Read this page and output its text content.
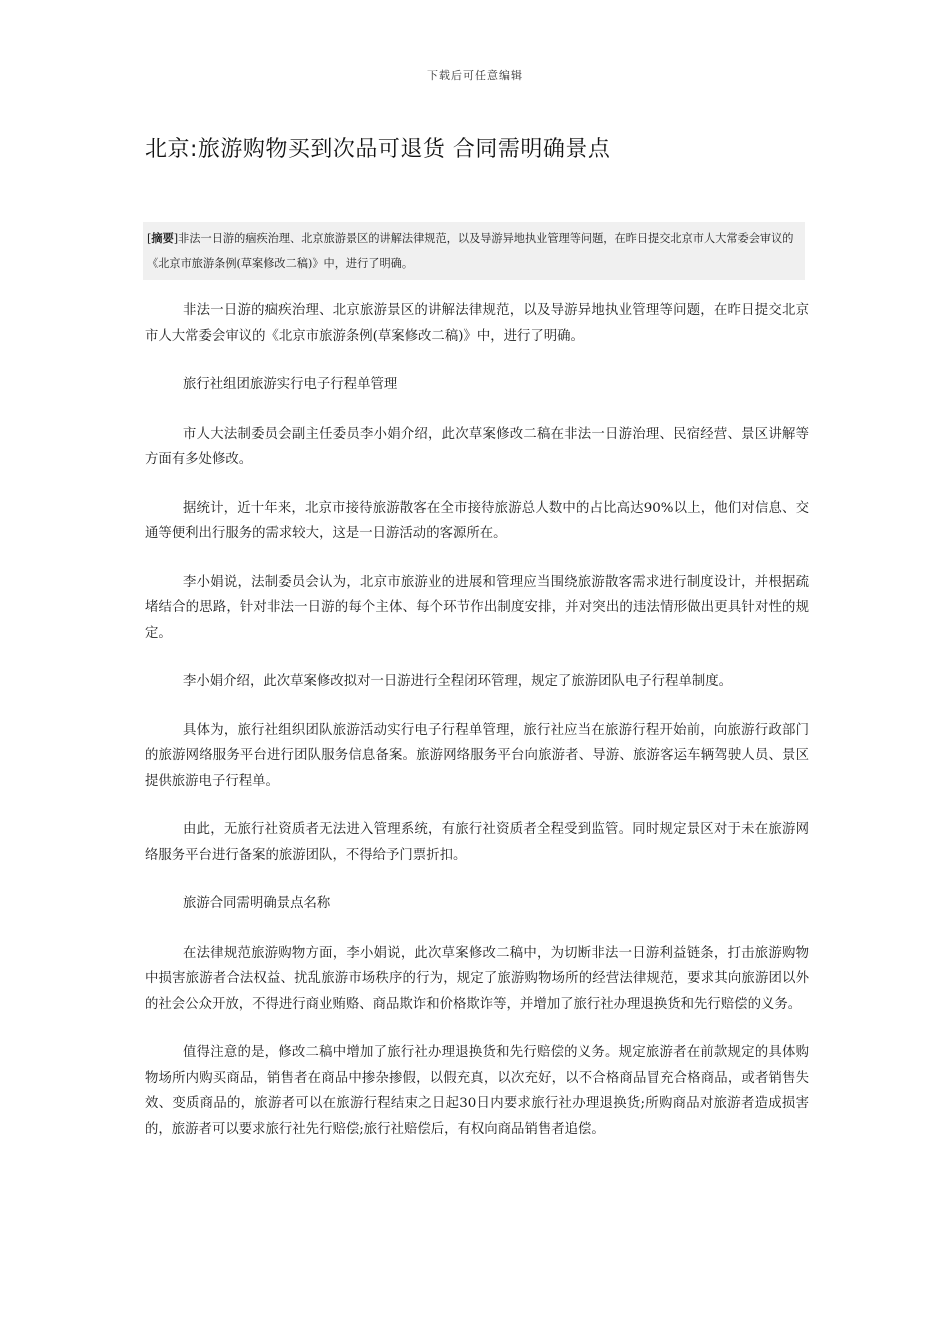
下载后可任意编辑
北京:旅游购物买到次品可退货 合同需明确景点
[摘要]非法一日游的痼疾治理、北京旅游景区的讲解法律规范，以及导游异地执业管理等问题，在昨日提交北京市人大常委会审议的《北京市旅游条例(草案修改二稿)》中，进行了明确。

非法一日游的痼疾治理、北京旅游景区的讲解法律规范，以及导游异地执业管理等问题，在昨日提交北京市人大常委会审议的《北京市旅游条例(草案修改二稿)》中，进行了明确。

旅行社组团旅游实行电子行程单管理

市人大法制委员会副主任委员李小娟介绍，此次草案修改二稿在非法一日游治理、民宿经营、景区讲解等方面有多处修改。

据统计，近十年来，北京市接待旅游散客在全市接待旅游总人数中的占比高达90%以上，他们对信息、交通等便利出行服务的需求较大，这是一日游活动的客源所在。

李小娟说，法制委员会认为，北京市旅游业的进展和管理应当围绕旅游散客需求进行制度设计，并根据疏堵结合的思路，针对非法一日游的每个主体、每个环节作出制度安排，并对突出的违法情形做出更具针对性的规定。

李小娟介绍，此次草案修改拟对一日游进行全程闭环管理，规定了旅游团队电子行程单制度。

具体为，旅行社组织团队旅游活动实行电子行程单管理，旅行社应当在旅游行程开始前，向旅游行政部门的旅游网络服务平台进行团队服务信息备案。旅游网络服务平台向旅游者、导游、旅游客运车辆驾驶人员、景区提供旅游电子行程单。

由此，无旅行社资质者无法进入管理系统，有旅行社资质者全程受到监管。同时规定景区对于未在旅游网络服务平台进行备案的旅游团队，不得给予门票折扣。

旅游合同需明确景点名称

在法律规范旅游购物方面，李小娟说，此次草案修改二稿中，为切断非法一日游利益链条，打击旅游购物中损害旅游者合法权益、扰乱旅游市场秩序的行为，规定了旅游购物场所的经营法律规范，要求其向旅游团以外的社会公众开放，不得进行商业贿赂、商品欺诈和价格欺诈等，并增加了旅行社办理退换货和先行赔偿的义务。

值得注意的是，修改二稿中增加了旅行社办理退换货和先行赔偿的义务。规定旅游者在前款规定的具体购物场所内购买商品，销售者在商品中掺杂掺假，以假充真，以次充好，以不合格商品冒充合格商品，或者销售失效、变质商品的，旅游者可以在旅游行程结束之日起30日内要求旅行社办理退换货;所购商品对旅游者造成损害的，旅游者可以要求旅行社先行赔偿;旅行社赔偿后，有权向商品销售者追偿。
